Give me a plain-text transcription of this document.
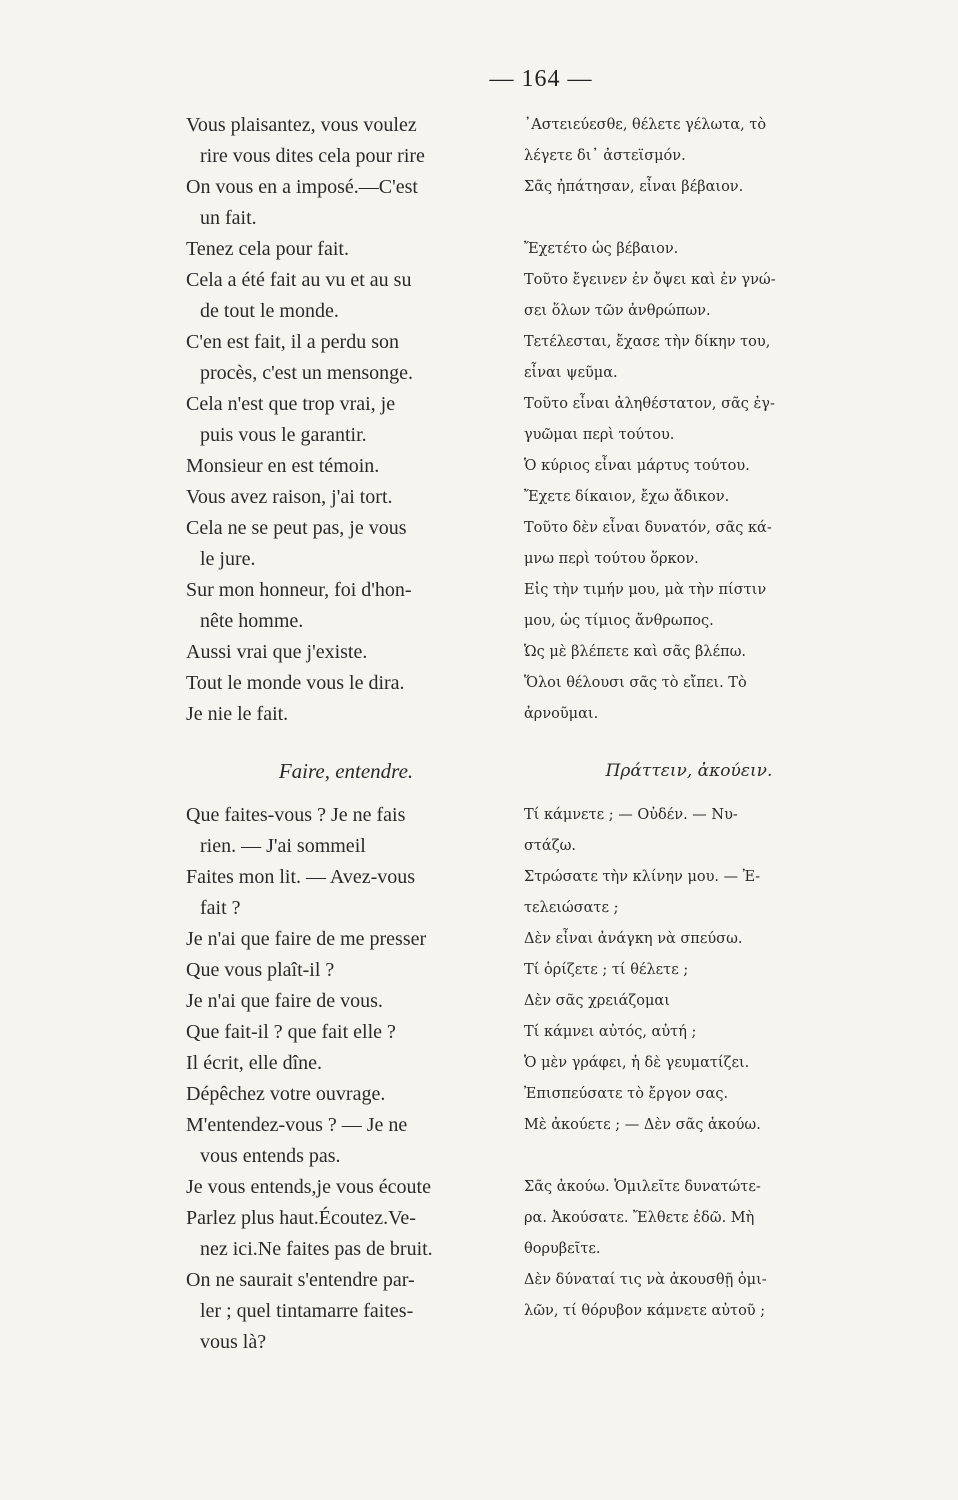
— 164 —
Vous plaisantez, vous voulez	᾿Αστειεύεσθε, θέλετε γέλωτα, τὸ
rire vous dites cela pour rire	λέγετε δι᾿ ἀστεϊσμόν.
On vous en a imposé.—C'est	Σᾶς ἠπάτησαν, εἶναι βέβαιον.
un fait.
Tenez cela pour fait.	Ἔχετέτο ὡς βέβαιον.
Cela a été fait au vu et au su	Τοῦτο ἔγεινεν ἐν ὄψει καὶ ἐν γνώ-
de tout le monde.	σει ὅλων τῶν ἀνθρώπων.
C'en est fait, il a perdu son	Τετέλεσται, ἔχασε τὴν δίκην του,
procès, c'est un mensonge.	εἶναι ψεῦμα.
Cela n'est que trop vrai, je	Τοῦτο εἶναι ἀληθέστατον, σᾶς ἐγ-
puis vous le garantir.	γυῶμαι περὶ τούτου.
Monsieur en est témoin.	Ὁ κύριος εἶναι μάρτυς τούτου.
Vous avez raison, j'ai tort.	Ἔχετε δίκαιον, ἔχω ἄδικον.
Cela ne se peut pas, je vous	Τοῦτο δὲν εἶναι δυνατόν, σᾶς κά-
le jure.	μνω περὶ τούτου ὅρκον.
Sur mon honneur, foi d'hon-	Εἰς τὴν τιμήν μου, μὰ τὴν πίστιν
nête homme.	μου, ὡς τίμιος ἄνθρωπος.
Aussi vrai que j'existe.	Ὡς μὲ βλέπετε καὶ σᾶς βλέπω.
Tout le monde vous le dira.	Ὅλοι θέλουσι σᾶς τὸ εἴπει. Τὸ
Je nie le fait.	ἀρνοῦμαι.
Faire, entendre.	Πράττειν, ἀκούειν.
Que faites-vous ? Je ne fais	Τί κάμνετε ; — Οὐδέν. — Νυ-
rien. — J'ai sommeil	στάζω.
Faites mon lit. — Avez-vous	Στρώσατε τὴν κλίνην μου. — Ἐ-
fait ?	τελειώσατε ;
Je n'ai que faire de me presser	Δὲν εἶναι ἀνάγκη νὰ σπεύσω.
Que vous plaît-il ?	Τί ὁρίζετε ; τί θέλετε ;
Je n'ai que faire de vous.	Δὲν σᾶς χρειάζομαι
Que fait-il ? que fait elle ?	Τί κάμνει αὐτός, αὐτή ;
Il écrit, elle dîne.	Ὁ μὲν γράφει, ἡ δὲ γευματίζει.
Dépêchez votre ouvrage.	Ἐπισπεύσατε τὸ ἔργον σας.
M'entendez-vous ? — Je ne	Μὲ ἀκούετε ; — Δὲν σᾶς ἀκούω.
vous entends pas.
Je vous entends,je vous écoute	Σᾶς ἀκούω. Ὁμιλεῖτε δυνατώτε-
Parlez plus haut.Écoutez.Ve-	ρα. Ἀκούσατε. Ἔλθετε ἐδῶ. Μὴ
nez ici.Ne faites pas de bruit.	θορυβεῖτε.
On ne saurait s'entendre par-	Δὲν δύναταί τις νὰ ἀκουσθῇ ὁμι-
ler ; quel tintamarre faites-	λῶν, τί θόρυβον κάμνετε αὐτοῦ ;
vous là?
